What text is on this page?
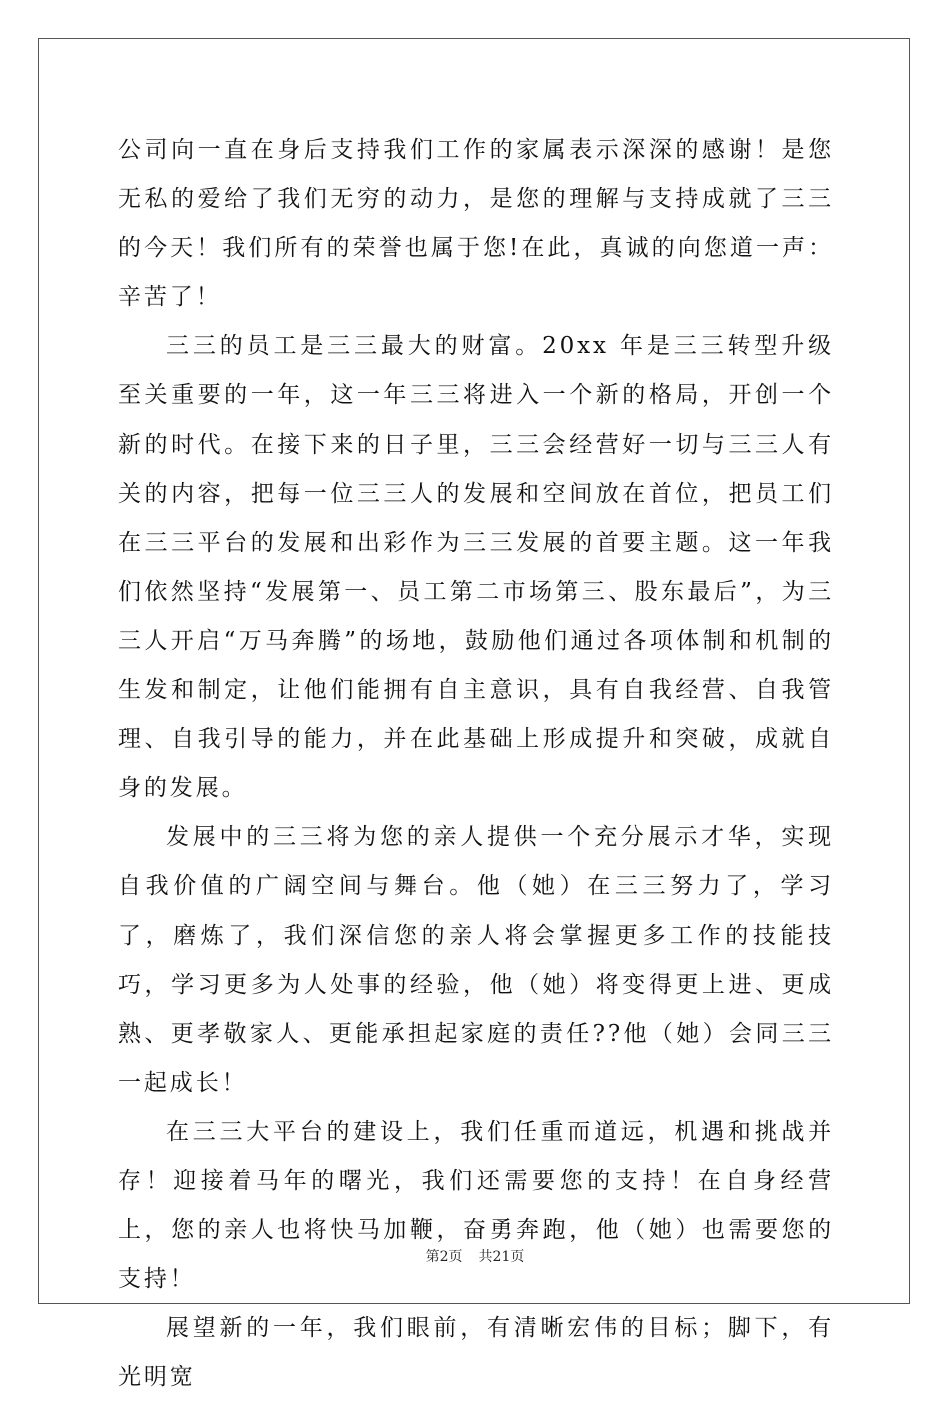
公司向一直在身后支持我们工作的家属表示深深的感谢！是您无私的爱给了我们无穷的动力，是您的理解与支持成就了三三的今天！我们所有的荣誉也属于您!在此，真诚的向您道一声：辛苦了！

三三的员工是三三最大的财富。20xx 年是三三转型升级至关重要的一年，这一年三三将进入一个新的格局，开创一个新的时代。在接下来的日子里，三三会经营好一切与三三人有关的内容，把每一位三三人的发展和空间放在首位，把员工们在三三平台的发展和出彩作为三三发展的首要主题。这一年我们依然坚持“发展第一、员工第二市场第三、股东最后”，为三三人开启“万马奔腾”的场地，鼓励他们通过各项体制和机制的生发和制定，让他们能拥有自主意识，具有自我经营、自我管理、自我引导的能力，并在此基础上形成提升和突破，成就自身的发展。

发展中的三三将为您的亲人提供一个充分展示才华，实现自我价值的广阔空间与舞台。他（她）在三三努力了，学习了，磨炼了，我们深信您的亲人将会掌握更多工作的技能技巧，学习更多为人处事的经验，他（她）将变得更上进、更成熟、更孝敬家人、更能承担起家庭的责任??他（她）会同三三一起成长！

在三三大平台的建设上，我们任重而道远，机遇和挑战并存！迎接着马年的曙光，我们还需要您的支持！在自身经营上，您的亲人也将快马加鞭，奋勇奔跑，他（她）也需要您的支持！

展望新的一年，我们眼前，有清晰宏伟的目标；脚下，有光明宽

第2页 共21页
